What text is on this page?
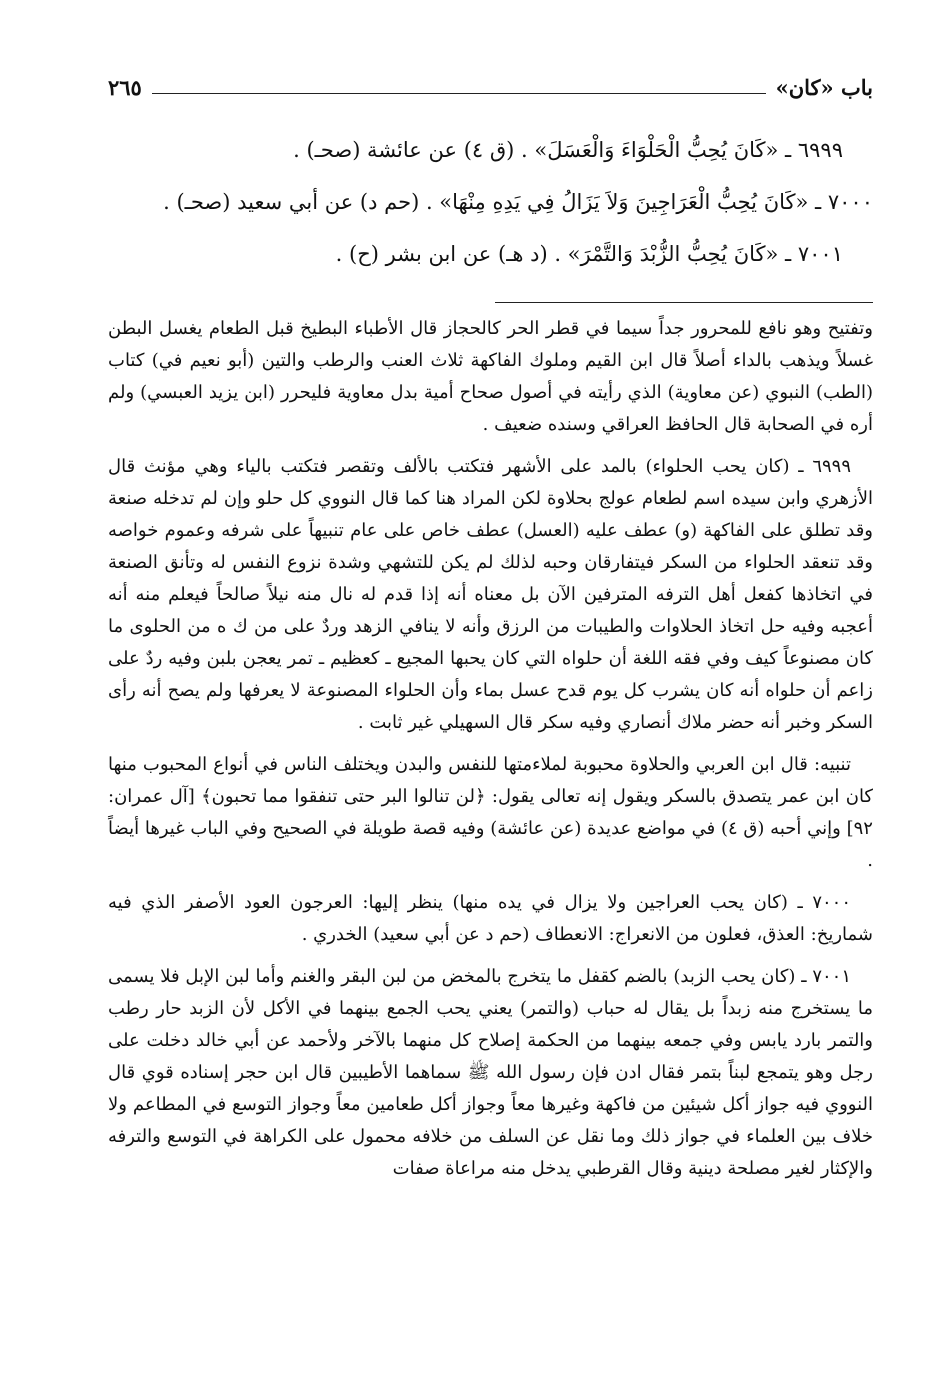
باب «كان»
٢٦٥

٦٩٩٩ ـ «كَانَ يُحِبُّ الْحَلْوَاءَ وَالْعَسَلَ» . (ق ٤) عن عائشة (صحـ) .

٧٠٠٠ ـ «كَانَ يُحِبُّ الْعَرَاجِينَ وَلاَ يَزَالُ فِي يَدِهِ مِنْهَا» . (حم د) عن أبي سعيد (صحـ) .

٧٠٠١ ـ «كَانَ يُحِبُّ الزُّبْدَ وَالتَّمْرَ» . (د هـ) عن ابن بشر (ح) .

وتفتيح وهو نافع للمحرور جداً سيما في قطر الحر كالحجاز قال الأطباء البطيخ قبل الطعام يغسل البطن غسلاً ويذهب بالداء أصلاً قال ابن القيم وملوك الفاكهة ثلاث العنب والرطب والتين (أبو نعيم في) كتاب (الطب) النبوي (عن معاوية) الذي رأيته في أصول صحاح أمية بدل معاوية فليحرر (ابن يزيد العبسي) ولم أره في الصحابة قال الحافظ العراقي وسنده ضعيف .

٦٩٩٩ ـ (كان يحب الحلواء) بالمد على الأشهر فتكتب بالألف وتقصر فتكتب بالياء وهي مؤنث قال الأزهري وابن سيده اسم لطعام عولج بحلاوة لكن المراد هنا كما قال النووي كل حلو وإن لم تدخله صنعة وقد تطلق على الفاكهة (و) عطف عليه (العسل) عطف خاص على عام تنبيهاً على شرفه وعموم خواصه وقد تنعقد الحلواء من السكر فيتفارقان وحبه لذلك لم يكن للتشهي وشدة نزوع النفس له وتأنق الصنعة في اتخاذها كفعل أهل الترفه المترفين الآن بل معناه أنه إذا قدم له نال منه نيلاً صالحاً فيعلم منه أنه أعجبه وفيه حل اتخاذ الحلاوات والطيبات من الرزق وأنه لا ينافي الزهد وردٌ على من ك ه من الحلوى ما كان مصنوعاً كيف وفي فقه اللغة أن حلواه التي كان يحبها المجيع ـ كعظيم ـ تمر يعجن بلبن وفيه ردٌ على زاعم أن حلواه أنه كان يشرب كل يوم قدح عسل بماء وأن الحلواء المصنوعة لا يعرفها ولم يصح أنه رأى السكر وخبر أنه حضر ملاك أنصاري وفيه سكر قال السهيلي غير ثابت .

تنبيه: قال ابن العربي والحلاوة محبوبة لملاءمتها للنفس والبدن ويختلف الناس في أنواع المحبوب منها كان ابن عمر يتصدق بالسكر ويقول إنه تعالى يقول: ﴿لن تنالوا البر حتى تنفقوا مما تحبون﴾ [آل عمران: ٩٢] وإني أحبه (ق ٤) في مواضع عديدة (عن عائشة) وفيه قصة طويلة في الصحيح وفي الباب غيرها أيضاً .

٧٠٠٠ ـ (كان يحب العراجين ولا يزال في يده منها) ينظر إليها: العرجون العود الأصفر الذي فيه شماريخ: العذق، فعلون من الانعراج: الانعطاف (حم د عن أبي سعيد) الخدري .

٧٠٠١ ـ (كان يحب الزبد) بالضم كقفل ما يتخرج بالمخض من لبن البقر والغنم وأما لبن الإبل فلا يسمى ما يستخرج منه زبداً بل يقال له حباب (والتمر) يعني يحب الجمع بينهما في الأكل لأن الزبد حار رطب والتمر بارد يابس وفي جمعه بينهما من الحكمة إصلاح كل منهما بالآخر ولأحمد عن أبي خالد دخلت على رجل وهو يتمجع لبناً بتمر فقال ادن فإن رسول الله ﷺ سماهما الأطيبين قال ابن حجر إسناده قوي قال النووي فيه جواز أكل شيئين من فاكهة وغيرها معاً وجواز أكل طعامين معاً وجواز التوسع في المطاعم ولا خلاف بين العلماء في جواز ذلك وما نقل عن السلف من خلافه محمول على الكراهة في التوسع والترفه والإكثار لغير مصلحة دينية وقال القرطبي يدخل منه مراعاة صفات
